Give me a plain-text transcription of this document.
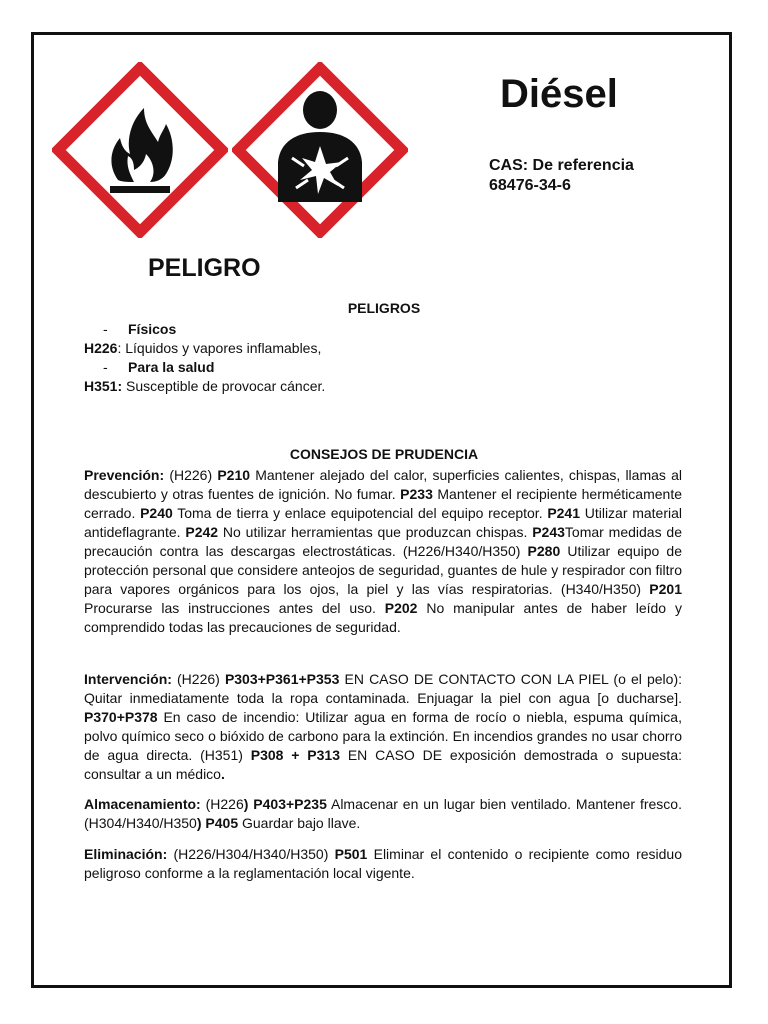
Diésel
CAS: De referencia
68476-34-6
PELIGRO
PELIGROS
- Físicos
H226: Líquidos y vapores inflamables,
- Para la salud
H351: Susceptible de provocar cáncer.
CONSEJOS DE PRUDENCIA

Prevención: (H226) P210 Mantener alejado del calor, superficies calientes, chispas, llamas al descubierto y otras fuentes de ignición. No fumar. P233 Mantener el recipiente herméticamente cerrado. P240 Toma de tierra y enlace equipotencial del equipo receptor. P241 Utilizar material antideflagrante. P242 No utilizar herramientas que produzcan chispas. P243Tomar medidas de precaución contra las descargas electrostáticas. (H226/H340/H350) P280 Utilizar equipo de protección personal que considere anteojos de seguridad, guantes de hule y respirador con filtro para vapores orgánicos para los ojos, la piel y las vías respiratorias. (H340/H350) P201 Procurarse las instrucciones antes del uso. P202 No manipular antes de haber leído y comprendido todas las precauciones de seguridad.

Intervención: (H226) P303+P361+P353 EN CASO DE CONTACTO CON LA PIEL (o el pelo): Quitar inmediatamente toda la ropa contaminada. Enjuagar la piel con agua [o ducharse]. P370+P378 En caso de incendio: Utilizar agua en forma de rocío o niebla, espuma química, polvo químico seco o bióxido de carbono para la extinción. En incendios grandes no usar chorro de agua directa. (H351) P308 + P313 EN CASO DE exposición demostrada o supuesta: consultar a un médico.

Almacenamiento: (H226) P403+P235 Almacenar en un lugar bien ventilado. Mantener fresco. (H304/H340/H350) P405 Guardar bajo llave.

Eliminación: (H226/H304/H340/H350) P501 Eliminar el contenido o recipiente como residuo peligroso conforme a la reglamentación local vigente.
